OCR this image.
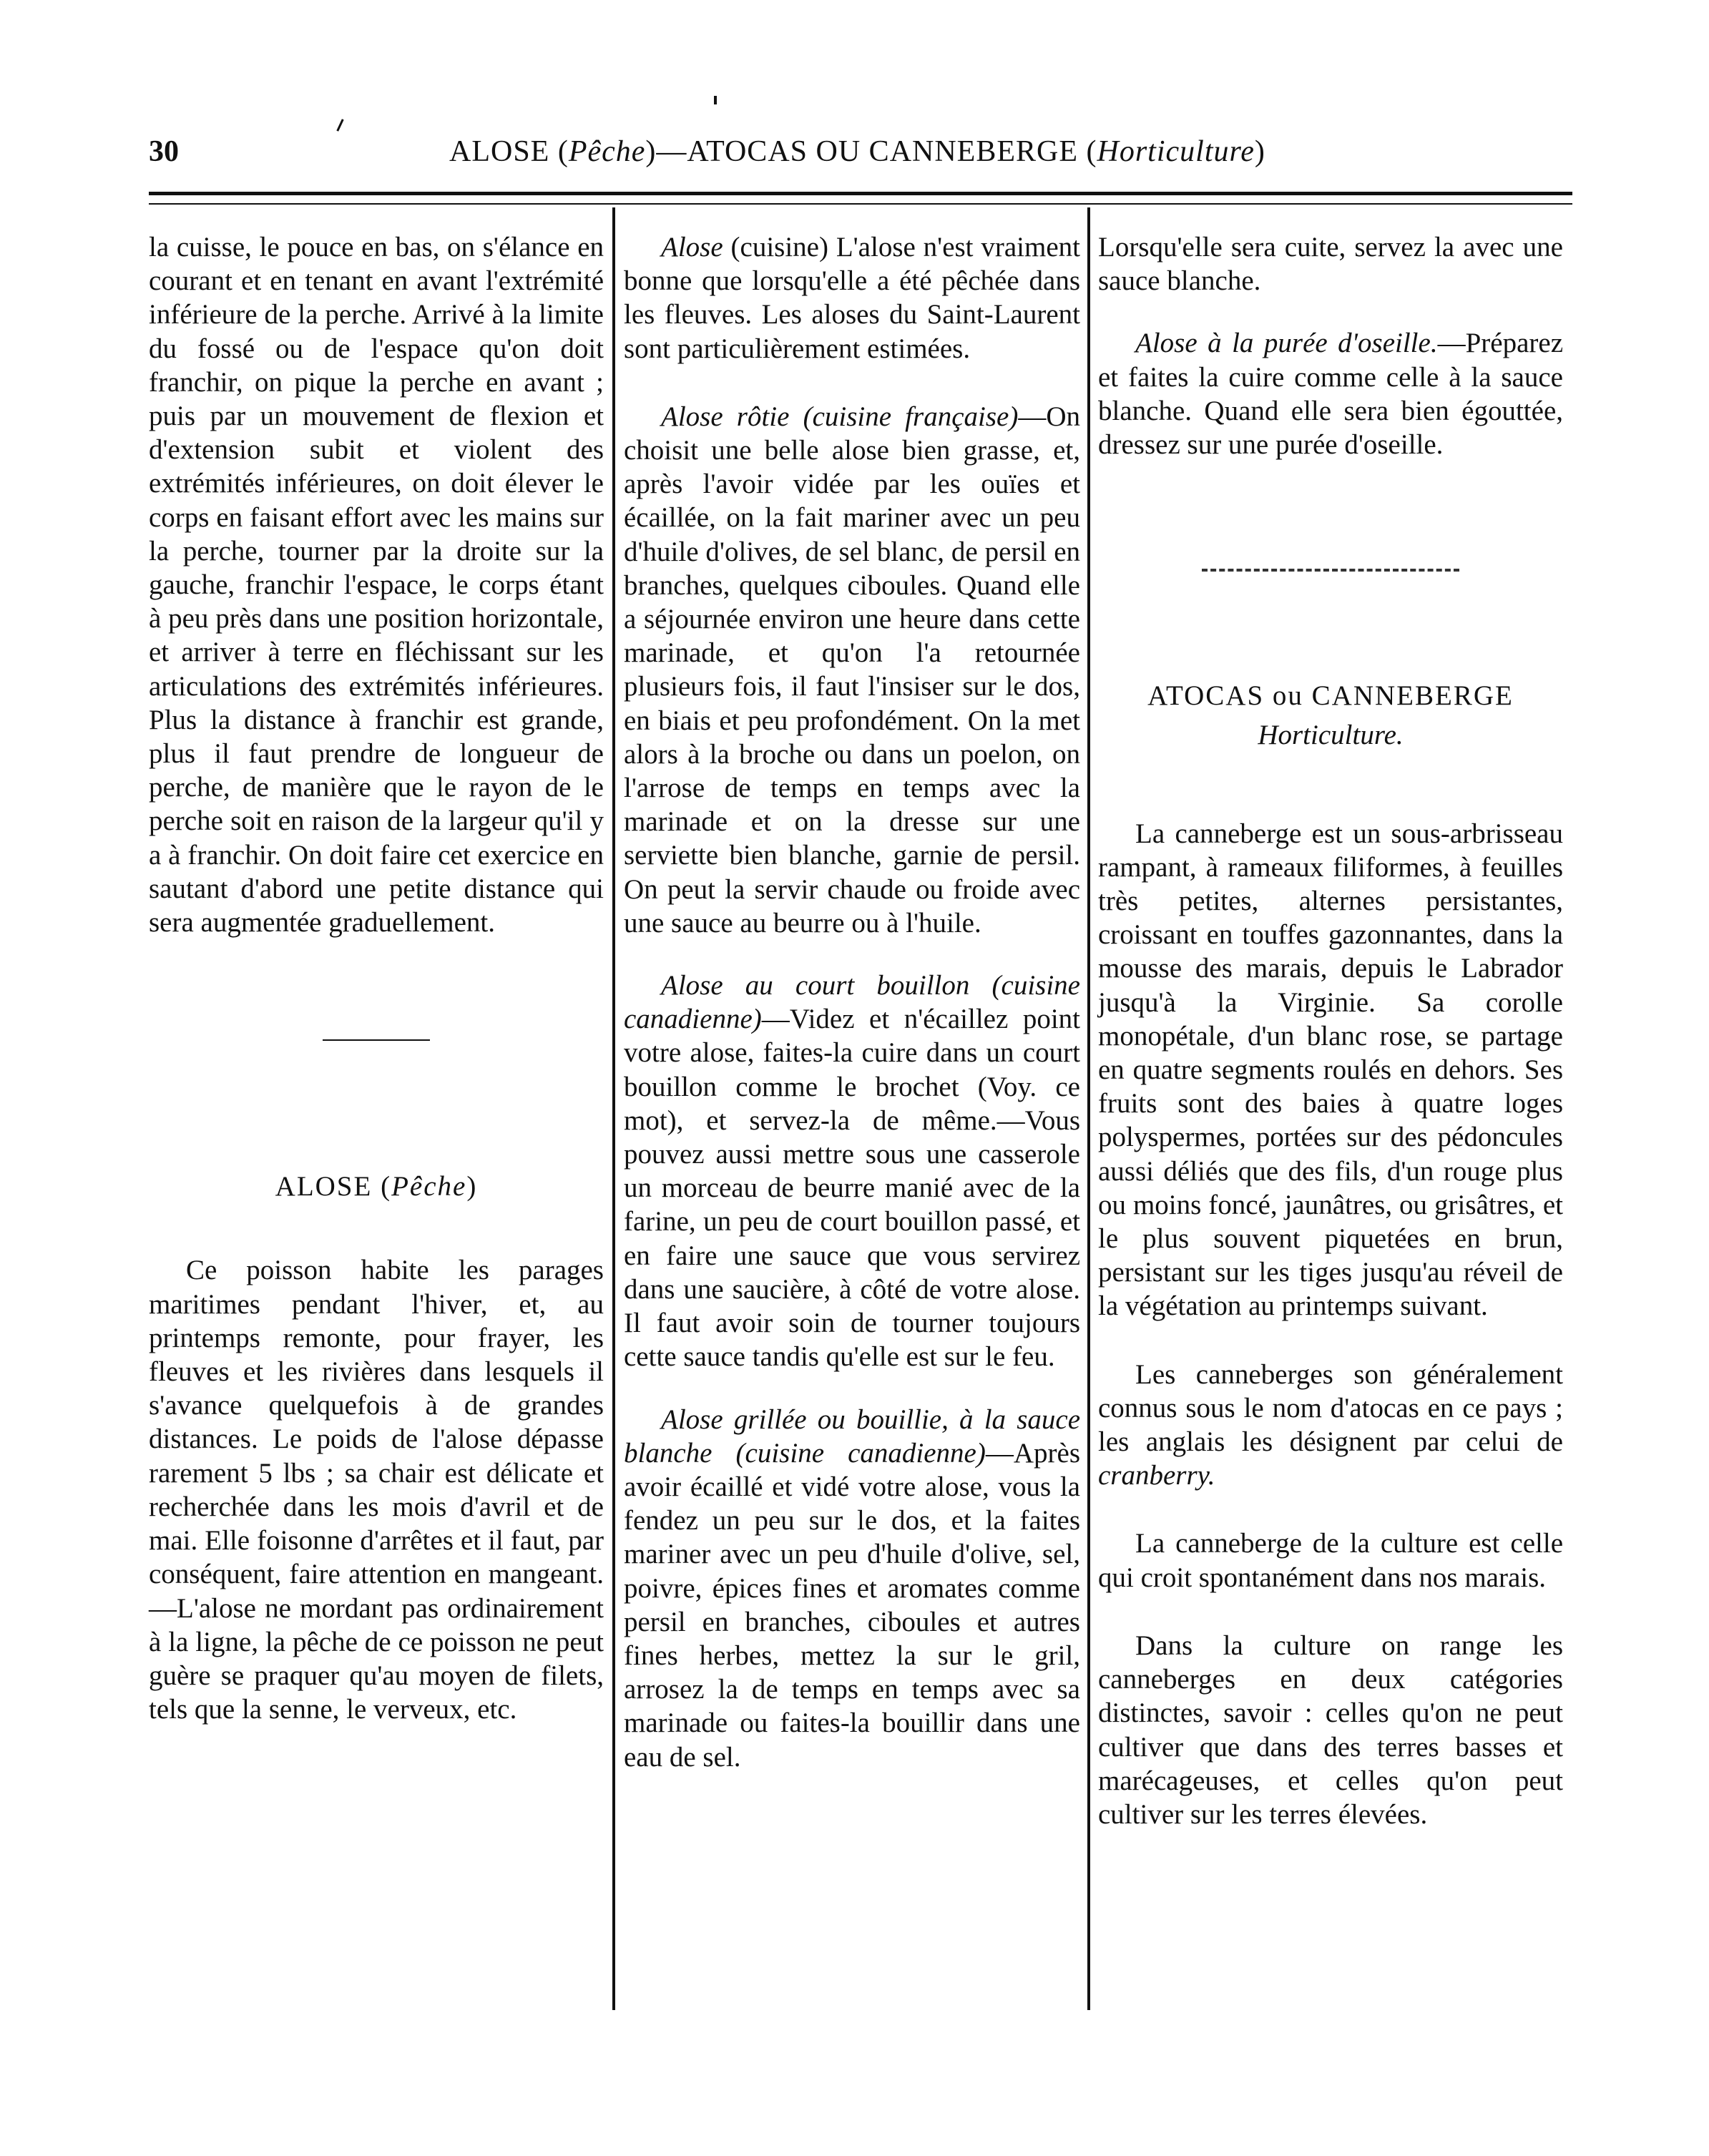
30	ALOSE (Pêche)—ATOCAS OU CANNEBERGE (Horticulture)

la cuisse, le pouce en bas, on s'élance en courant et en tenant en avant l'extrémité inférieure de la perche. Arrivé à la limite du fossé ou de l'espace qu'on doit franchir, on pique la perche en avant ; puis par un mouvement de flexion et d'extension subit et violent des extrémités inférieures, on doit élever le corps en faisant effort avec les mains sur la perche, tourner par la droite sur la gauche, franchir l'espace, le corps étant à peu près dans une position horizontale, et arriver à terre en fléchissant sur les articulations des extrémités inférieures. Plus la distance à franchir est grande, plus il faut prendre de longueur de perche, de manière que le rayon de le perche soit en raison de la largeur qu'il y a à franchir. On doit faire cet exercice en sautant d'abord une petite distance qui sera augmentée graduellement.

ALOSE (Pêche)

Ce poisson habite les parages maritimes pendant l'hiver, et, au printemps remonte, pour frayer, les fleuves et les rivières dans lesquels il s'avance quelquefois à de grandes distances. Le poids de l'alose dépasse rarement 5 lbs ; sa chair est délicate et recherchée dans les mois d'avril et de mai. Elle foisonne d'arrêtes et il faut, par conséquent, faire attention en mangeant.—L'alose ne mordant pas ordinairement à la ligne, la pêche de ce poisson ne peut guère se praquer qu'au moyen de filets, tels que la senne, le verveux, etc.

Alose (cuisine) L'alose n'est vraiment bonne que lorsqu'elle a été pêchée dans les fleuves. Les aloses du Saint-Laurent sont particulièrement estimées.

Alose rôtie (cuisine française)—On choisit une belle alose bien grasse, et, après l'avoir vidée par les ouïes et écaillée, on la fait mariner avec un peu d'huile d'olives, de sel blanc, de persil en branches, quelques ciboules. Quand elle a séjournée environ une heure dans cette marinade, et qu'on l'a retournée plusieurs fois, il faut l'insiser sur le dos, en biais et peu profondément. On la met alors à la broche ou dans un poelon, on l'arrose de temps en temps avec la marinade et on la dresse sur une serviette bien blanche, garnie de persil. On peut la servir chaude ou froide avec une sauce au beurre ou à l'huile.

Alose au court bouillon (cuisine canadienne)—Videz et n'écaillez point votre alose, faites-la cuire dans un court bouillon comme le brochet (Voy. ce mot), et servez-la de même.—Vous pouvez aussi mettre sous une casserole un morceau de beurre manié avec de la farine, un peu de court bouillon passé, et en faire une sauce que vous servirez dans une saucière, à côté de votre alose. Il faut avoir soin de tourner toujours cette sauce tandis qu'elle est sur le feu.

Alose grillée ou bouillie, à la sauce blanche (cuisine canadienne)—Après avoir écaillé et vidé votre alose, vous la fendez un peu sur le dos, et la faites mariner avec un peu d'huile d'olive, sel, poivre, épices fines et aromates comme persil en branches, ciboules et autres fines herbes, mettez la sur le gril, arrosez la de temps en temps avec sa marinade ou faites-la bouillir dans une eau de sel.

Lorsqu'elle sera cuite, servez la avec une sauce blanche.

Alose à la purée d'oseille.—Préparez et faites la cuire comme celle à la sauce blanche. Quand elle sera bien égouttée, dressez sur une purée d'oseille.

ATOCAS ou CANNEBERGE

Horticulture.

La canneberge est un sous-arbrisseau rampant, à rameaux filiformes, à feuilles très petites, alternes persistantes, croissant en touffes gazonnantes, dans la mousse des marais, depuis le Labrador jusqu'à la Virginie. Sa corolle monopétale, d'un blanc rose, se partage en quatre segments roulés en dehors. Ses fruits sont des baies à quatre loges polyspermes, portées sur des pédoncules aussi déliés que des fils, d'un rouge plus ou moins foncé, jaunâtres, ou grisâtres, et le plus souvent piquetées en brun, persistant sur les tiges jusqu'au réveil de la végétation au printemps suivant.

Les canneberges son généralement connus sous le nom d'atocas en ce pays ; les anglais les désignent par celui de cranberry.

La canneberge de la culture est celle qui croit spontanément dans nos marais.

Dans la culture on range les canneberges en deux catégories distinctes, savoir : celles qu'on ne peut cultiver que dans des terres basses et marécageuses, et celles qu'on peut cultiver sur les terres élevées.
